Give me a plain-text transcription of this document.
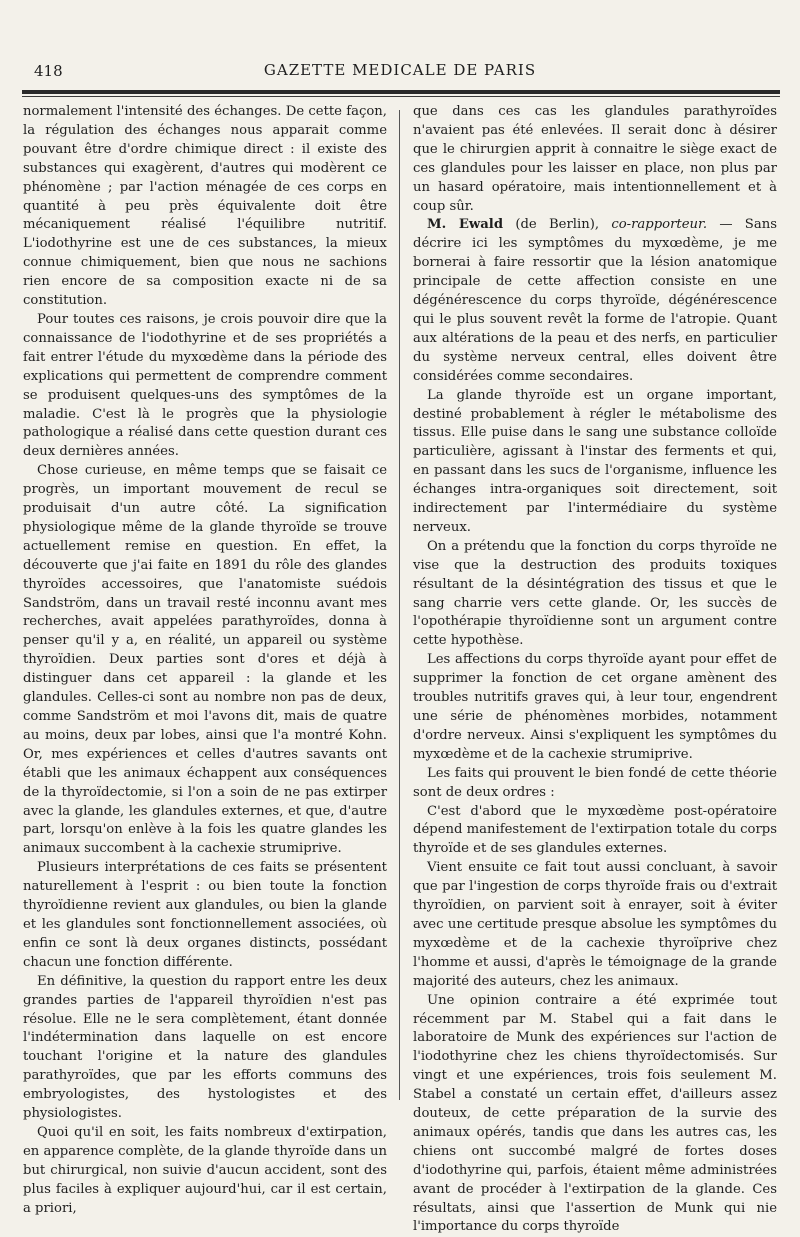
418	GAZETTE MEDICALE DE PARIS

normalement l'intensité des échanges. De cette façon, la régulation des échanges nous apparait comme pouvant être d'ordre chimique direct : il existe des substances qui exagèrent, d'autres qui modèrent ce phénomène ; par l'action ménagée de ces corps en quantité à peu près équivalente doit être mécaniquement réalisé l'équilibre nutritif. L'iodothyrine est une de ces substances, la mieux connue chimiquement, bien que nous ne sachions rien encore de sa composition exacte ni de sa constitution.

Pour toutes ces raisons, je crois pouvoir dire que la connaissance de l'iodothyrine et de ses propriétés a fait entrer l'étude du myxœdème dans la période des explications qui permettent de comprendre comment se produisent quelques-uns des symptômes de la maladie. C'est là le progrès que la physiologie pathologique a réalisé dans cette question durant ces deux dernières années.

Chose curieuse, en même temps que se faisait ce progrès, un important mouvement de recul se produisait d'un autre côté. La signification physiologique même de la glande thyroïde se trouve actuellement remise en question. En effet, la découverte que j'ai faite en 1891 du rôle des glandes thyroïdes accessoires, que l'anatomiste suédois Sandström, dans un travail resté inconnu avant mes recherches, avait appelées parathyroïdes, donna à penser qu'il y a, en réalité, un appareil ou système thyroïdien. Deux parties sont d'ores et déjà à distinguer dans cet appareil : la glande et les glandules. Celles-ci sont au nombre non pas de deux, comme Sandström et moi l'avons dit, mais de quatre au moins, deux par lobes, ainsi que l'a montré Kohn. Or, mes expériences et celles d'autres savants ont établi que les animaux échappent aux conséquences de la thyroïdectomie, si l'on a soin de ne pas extirper avec la glande, les glandules externes, et que, d'autre part, lorsqu'on enlève à la fois les quatre glandes les animaux succombent à la cachexie strumiprive.

Plusieurs interprétations de ces faits se présentent naturellement à l'esprit : ou bien toute la fonction thyroïdienne revient aux glandules, ou bien la glande et les glandules sont fonctionnellement associées, où enfin ce sont là deux organes distincts, possédant chacun une fonction différente.

En définitive, la question du rapport entre les deux grandes parties de l'appareil thyroïdien n'est pas résolue. Elle ne le sera complètement, étant donnée l'indétermination dans laquelle on est encore touchant l'origine et la nature des glandules parathyroïdes, que par les efforts communs des embryologistes, des hystologistes et des physiologistes.

Quoi qu'il en soit, les faits nombreux d'extirpation, en apparence complète, de la glande thyroïde dans un but chirurgical, non suivie d'aucun accident, sont des plus faciles à expliquer aujourd'hui, car il est certain, a priori,

que dans ces cas les glandules parathyroïdes n'avaient pas été enlevées. Il serait donc à désirer que le chirurgien apprit à connaitre le siège exact de ces glandules pour les laisser en place, non plus par un hasard opératoire, mais intentionnellement et à coup sûr.

M. Ewald (de Berlin), co-rapporteur. — Sans décrire ici les symptômes du myxœdème, je me bornerai à faire ressortir que la lésion anatomique principale de cette affection consiste en une dégénérescence du corps thyroïde, dégénérescence qui le plus souvent revêt la forme de l'atropie. Quant aux altérations de la peau et des nerfs, en particulier du système nerveux central, elles doivent être considérées comme secondaires.

La glande thyroïde est un organe important, destiné probablement à régler le métabolisme des tissus. Elle puise dans le sang une substance colloïde particulière, agissant à l'instar des ferments et qui, en passant dans les sucs de l'organisme, influence les échanges intra-organiques soit directement, soit indirectement par l'intermédiaire du système nerveux.

On a prétendu que la fonction du corps thyroïde ne vise que la destruction des produits toxiques résultant de la désintégration des tissus et que le sang charrie vers cette glande. Or, les succès de l'opothérapie thyroïdienne sont un argument contre cette hypothèse.

Les affections du corps thyroïde ayant pour effet de supprimer la fonction de cet organe amènent des troubles nutritifs graves qui, à leur tour, engendrent une série de phénomènes morbides, notamment d'ordre nerveux. Ainsi s'expliquent les symptômes du myxœdème et de la cachexie strumiprive.

Les faits qui prouvent le bien fondé de cette théorie sont de deux ordres :

C'est d'abord que le myxœdème post-opératoire dépend manifestement de l'extirpation totale du corps thyroïde et de ses glandules externes.

Vient ensuite ce fait tout aussi concluant, à savoir que par l'ingestion de corps thyroïde frais ou d'extrait thyroïdien, on parvient soit à enrayer, soit à éviter avec une certitude presque absolue les symptômes du myxœdème et de la cachexie thyroïprive chez l'homme et aussi, d'après le témoignage de la grande majorité des auteurs, chez les animaux.

Une opinion contraire a été exprimée tout récemment par M. Stabel qui a fait dans le laboratoire de Munk des expériences sur l'action de l'iodothyrine chez les chiens thyroïdectomisés. Sur vingt et une expériences, trois fois seulement M. Stabel a constaté un certain effet, d'ailleurs assez douteux, de cette préparation de la survie des animaux opérés, tandis que dans les autres cas, les chiens ont succombé malgré de fortes doses d'iodothyrine qui, parfois, étaient même administrées avant de procéder à l'extirpation de la glande. Ces résultats, ainsi que l'assertion de Munk qui nie l'importance du corps thyroïde
